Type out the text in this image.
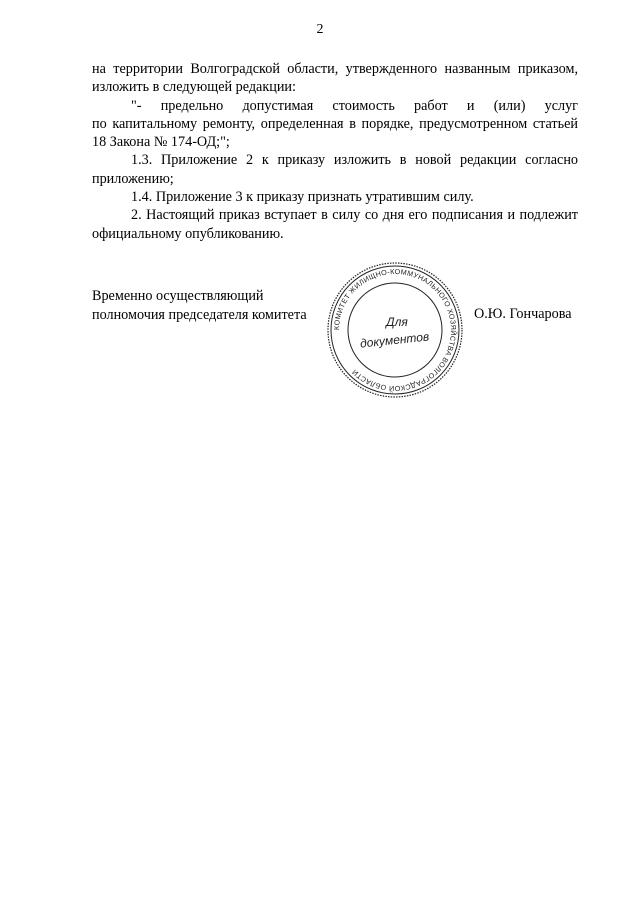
2

на территории Волгоградской области, утвержденного названным приказом, изложить в следующей редакции:

"- предельно допустимая стоимость работ и (или) услуг

по капитальному ремонту, определенная в порядке, предусмотренном статьей 18 Закона № 174-ОД;";

1.3. Приложение 2 к приказу изложить в новой редакции согласно приложению;

1.4. Приложение 3 к приказу признать утратившим силу.

2. Настоящий приказ вступает в силу со дня его подписания и подлежит официальному опубликованию.

Временно осуществляющий
полномочия председателя комитета	О.Ю. Гончарова
КОМИТЕТ ЖИЛИЩНО-КОММУНАЛЬНОГО ХОЗЯЙСТВА ВОЛГОГРАДСКОЙ ОБЛАСТИ
Для
документов
